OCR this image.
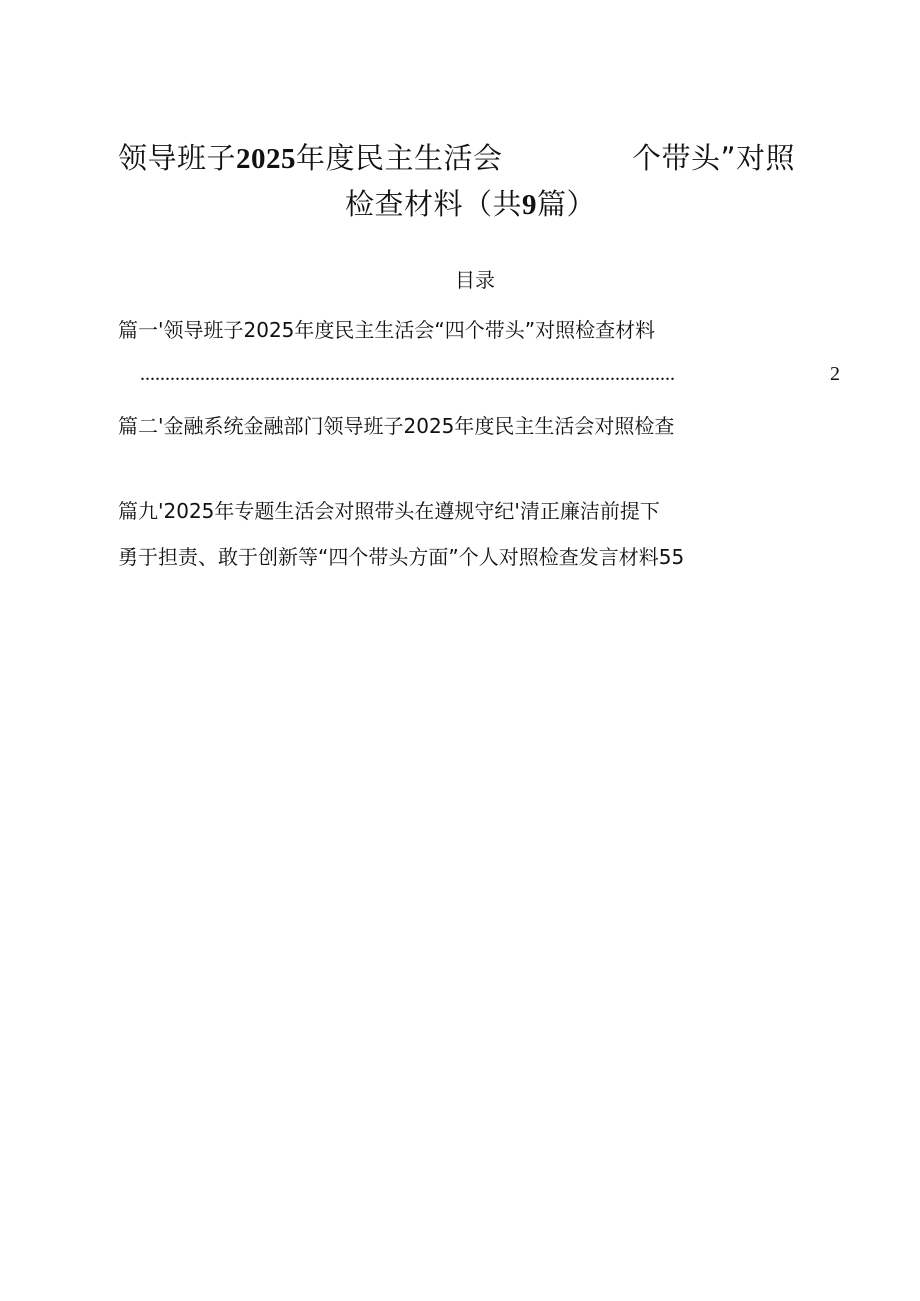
领导班子2025年度民主生活会	个带头”对照
检查材料（共9篇）
目录
篇一'领导班子2025年度民主生活会“四个带头”对照检查材料
...........................................................................................................	2
篇二'金融系统金融部门领导班子2025年度民主生活会对照检查
篇九'2025年专题生活会对照带头在遵规守纪'清正廉洁前提下
勇于担责、敢于创新等“四个带头方面”个人对照检查发言材料55
